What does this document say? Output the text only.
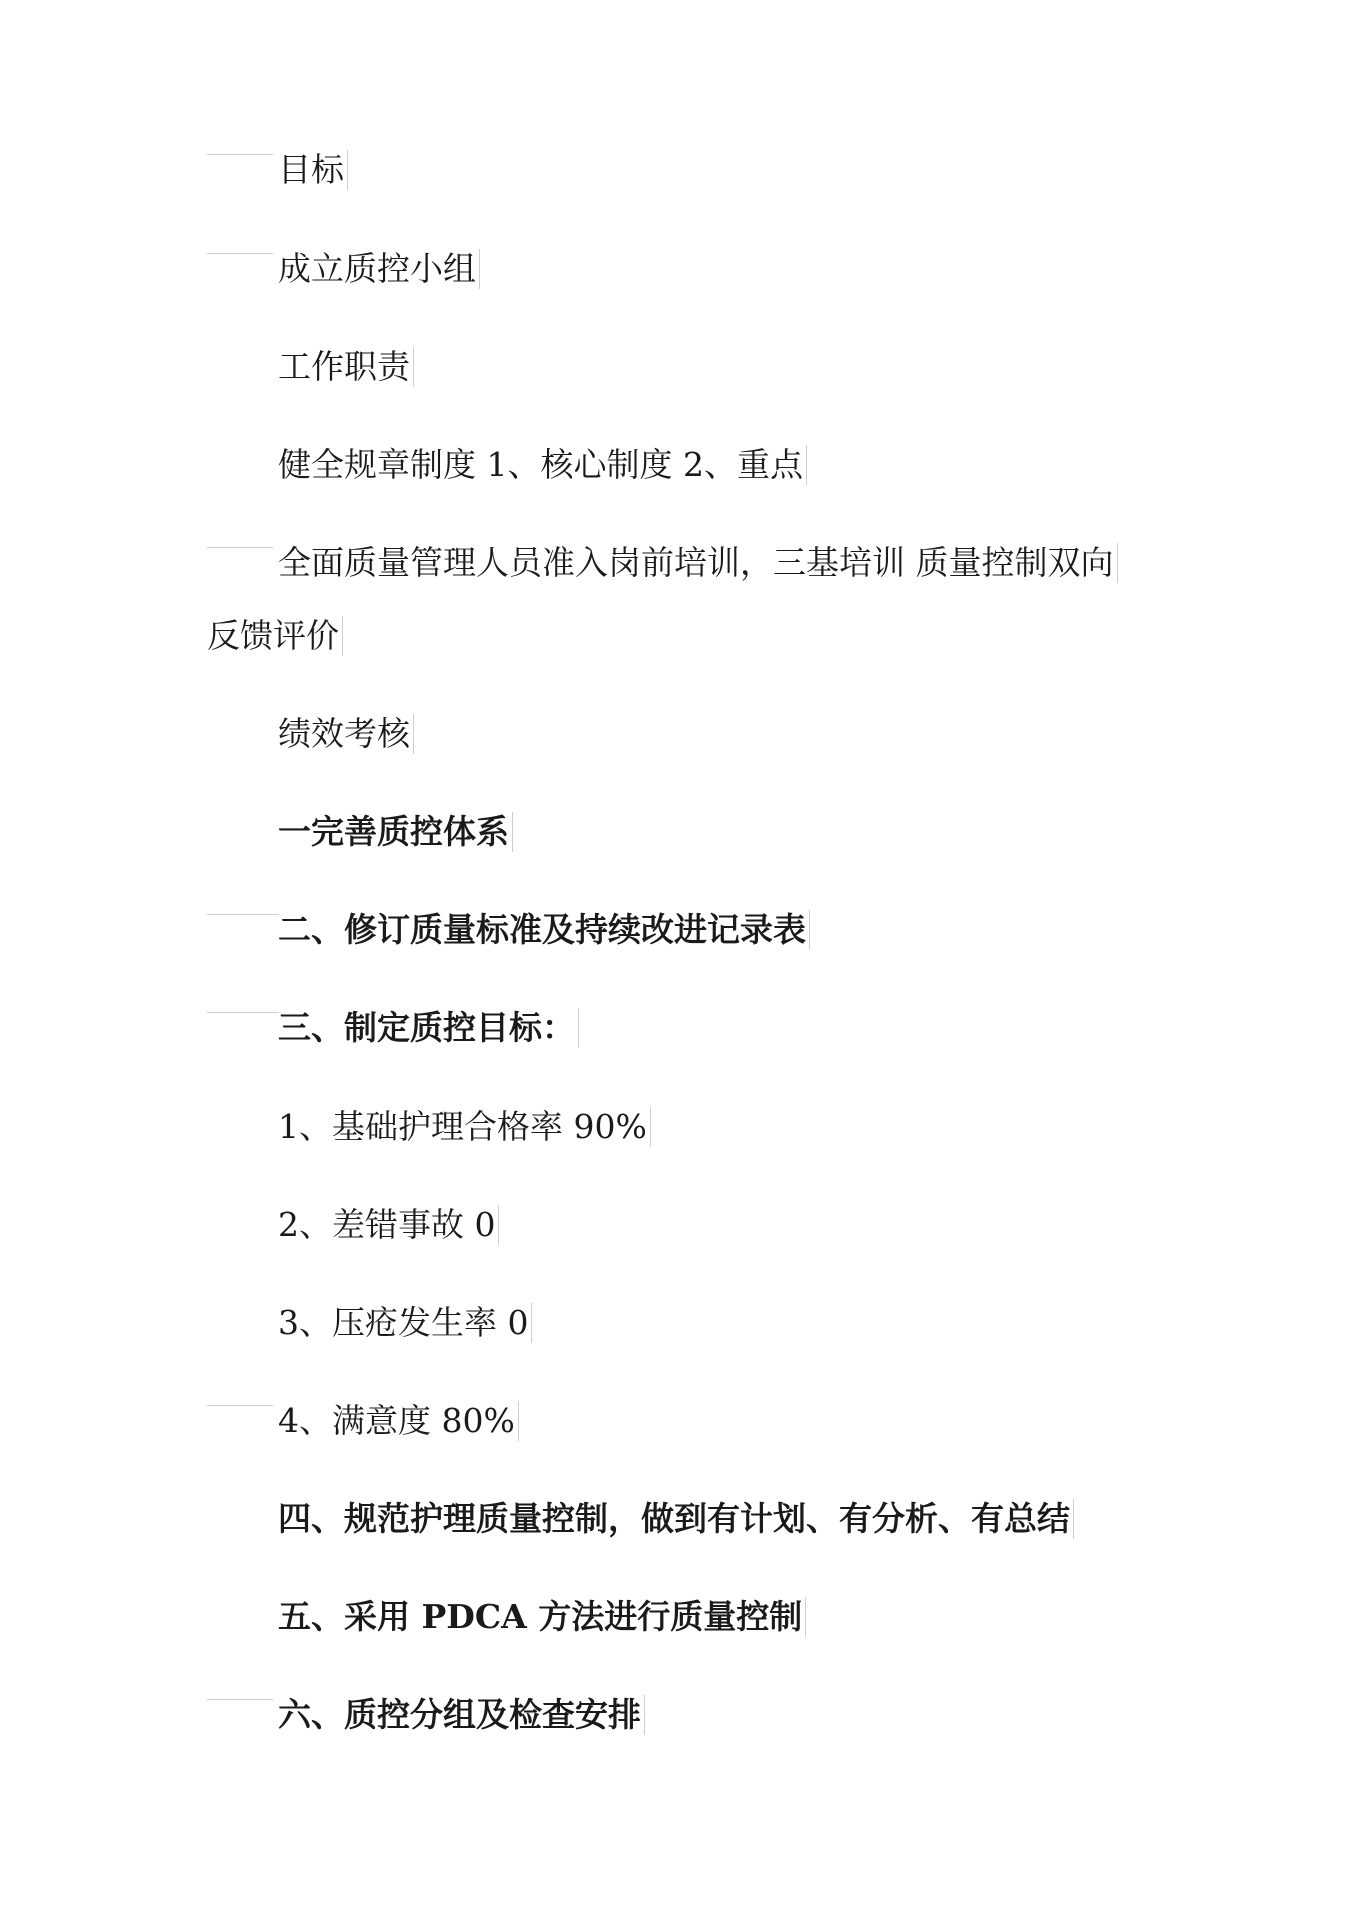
目标
成立质控小组
工作职责
健全规章制度 1、核心制度 2、重点
全面质量管理人员准入岗前培训，三基培训 质量控制双向
反馈评价
绩效考核
一完善质控体系
二、修订质量标准及持续改进记录表
三、制定质控目标：
1、基础护理合格率 90%
2、差错事故 0
3、压疮发生率 0
4、满意度 80%
四、规范护理质量控制，做到有计划、有分析、有总结
五、采用 PDCA 方法进行质量控制
六、质控分组及检查安排
